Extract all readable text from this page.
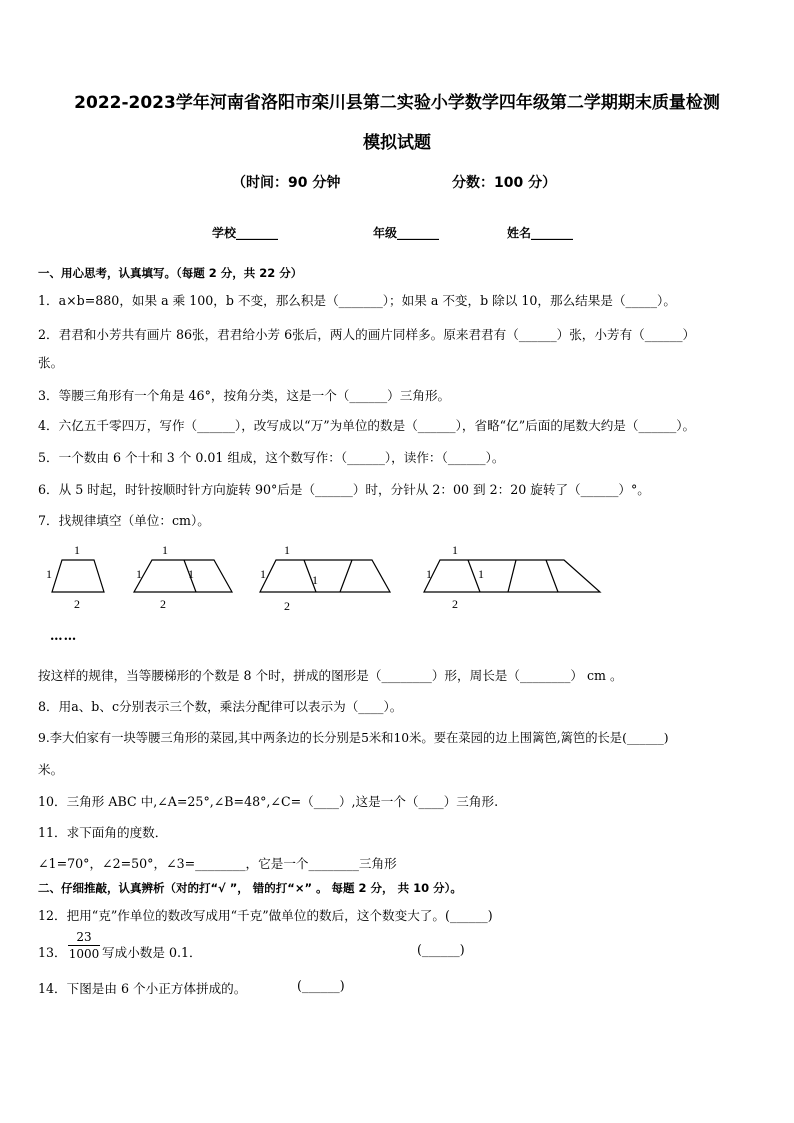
2022-2023学年河南省洛阳市栾川县第二实验小学数学四年级第二学期期末质量检测
模拟试题
（时间：90 分钟	分数：100 分）
学校_______	年级_______	姓名_______
一、用心思考，认真填写。（每题 2 分，共 22 分）
1．a×b=880，如果 a 乘 100，b 不变，那么积是（_______）；如果 a 不变，b 除以 10，那么结果是（_____）。
2．君君和小芳共有画片 86张，君君给小芳 6张后，两人的画片同样多。原来君君有（______）张，小芳有（______）
张。
3．等腰三角形有一个角是 46°，按角分类，这是一个（______）三角形。
4．六亿五千零四万，写作（______），改写成以“万”为单位的数是（______），省略“亿”后面的尾数大约是（______）。
5．一个数由 6 个十和 3 个 0.01 组成，这个数写作：（______），读作：（______）。
6．从 5 时起，时针按顺时针方向旋转 90°后是（______）时，分针从 2：00 到 2：20 旋转了（______）°。
7．找规律填空（单位：cm）。
1
1
2
1
1	1
2
1
1	1
2
1
1	1
2
……
按这样的规律，当等腰梯形的个数是 8 个时，拼成的图形是（________）形，周长是（________） cm 。
8．用a、b、c分别表示三个数，乘法分配律可以表示为（____）。
9.李大伯家有一块等腰三角形的菜园,其中两条边的长分别是5米和10米。要在菜园的边上围篱笆,篱笆的长是(______)
米。
10．三角形 ABC 中,∠A=25°,∠B=48°,∠C=（____）,这是一个（____）三角形.
11．求下面角的度数．
∠1=70°，∠2=50°，∠3=________，它是一个________三角形
二、仔细推敲，认真辨析（对的打“√ ”， 错的打“×” 。 每题 2 分， 共 10 分）。
12．把用“克”作单位的数改写成用“千克”做单位的数后，这个数变大了。(______)
13．
23
1000 写成小数是 0.1．	(______)
14．下图是由 6 个小正方体拼成的。	(______)
